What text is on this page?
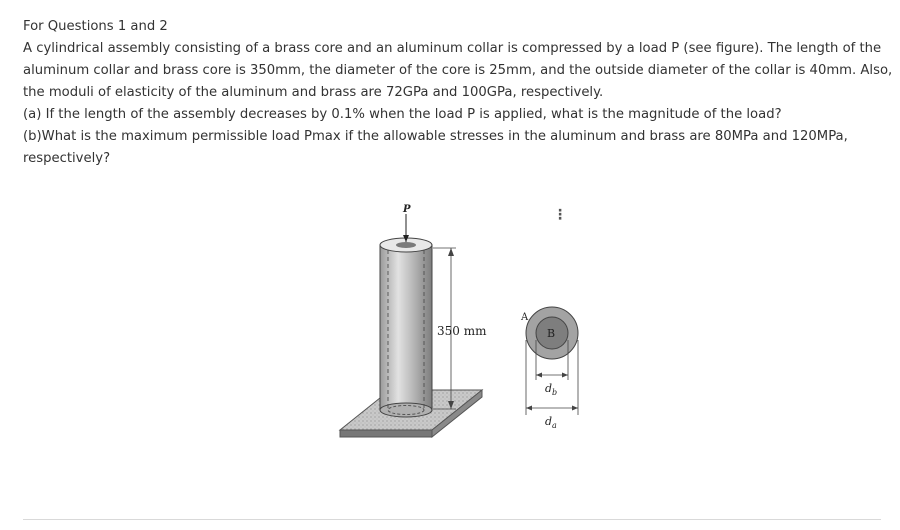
For Questions 1 and 2

A cylindrical assembly consisting of a brass core and an aluminum collar is compressed by a load P (see figure). The length of the

aluminum collar and brass core is 350mm, the diameter of the core is 25mm, and the outside diameter of the collar is 40mm. Also,

the moduli of elasticity of the aluminum and brass are 72GPa and 100GPa, respectively.

(a) If the length of the assembly decreases by 0.1% when the load P is applied, what is the magnitude of the load?

(b)What is the maximum permissible load Pmax if the allowable stresses in the aluminum and brass are 80MPa and 120MPa,

respectively?

⋮
P
350 mm
A
B
$d_b$
$d_a$
